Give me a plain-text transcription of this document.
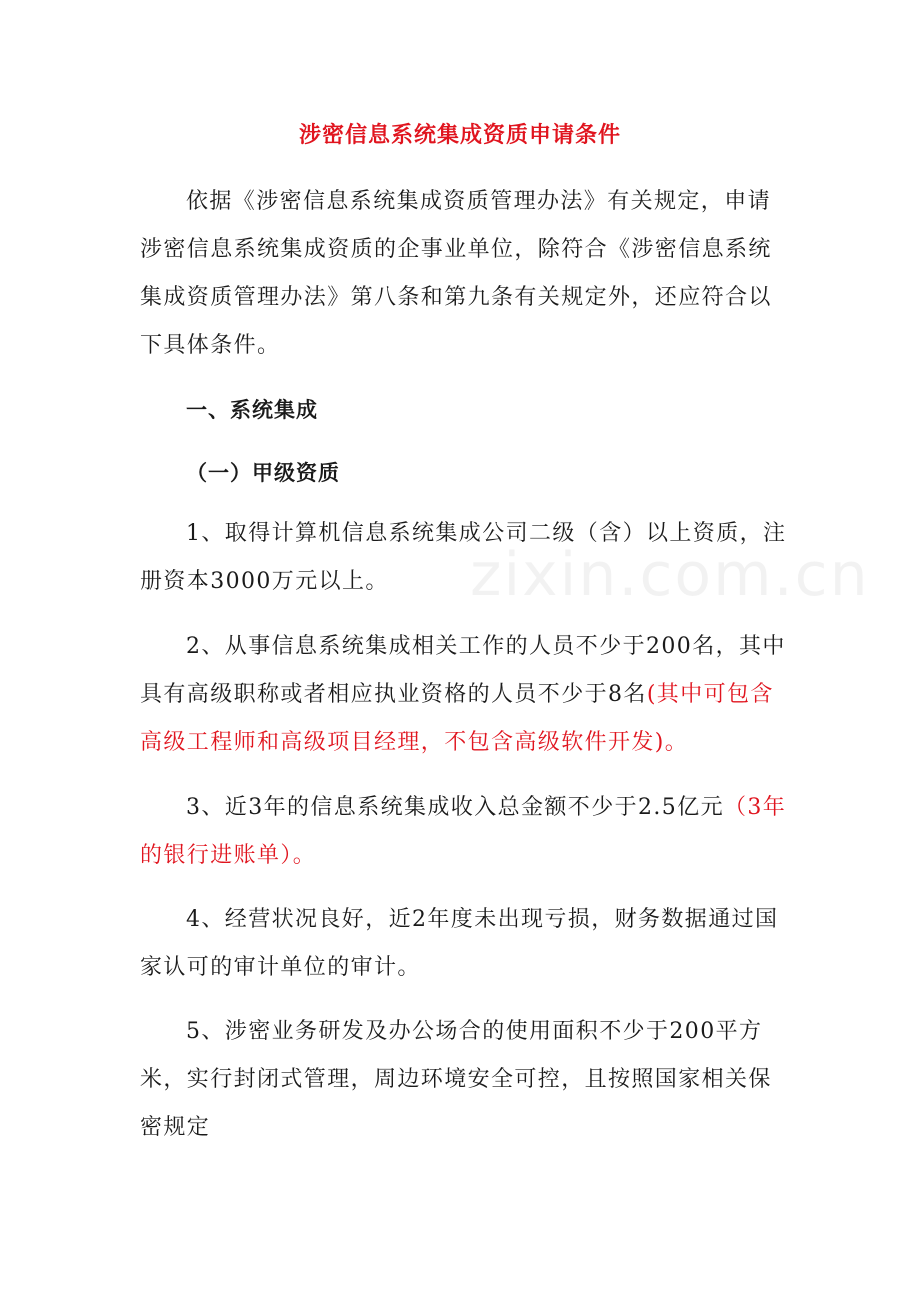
涉密信息系统集成资质申请条件

依据《涉密信息系统集成资质管理办法》有关规定，申请涉密信息系统集成资质的企事业单位，除符合《涉密信息系统集成资质管理办法》第八条和第九条有关规定外，还应符合以下具体条件。

一、系统集成
（一）甲级资质

1、取得计算机信息系统集成公司二级（含）以上资质，注册资本3000万元以上。

2、从事信息系统集成相关工作的人员不少于200名，其中具有高级职称或者相应执业资格的人员不少于8名(其中可包含高级工程师和高级项目经理，不包含高级软件开发)。

3、近3年的信息系统集成收入总金额不少于2.5亿元（3年的银行进账单）。

4、经营状况良好，近2年度未出现亏损，财务数据通过国家认可的审计单位的审计。

5、涉密业务研发及办公场合的使用面积不少于200平方米，实行封闭式管理，周边环境安全可控，且按照国家相关保密规定

zixin.com.cn
